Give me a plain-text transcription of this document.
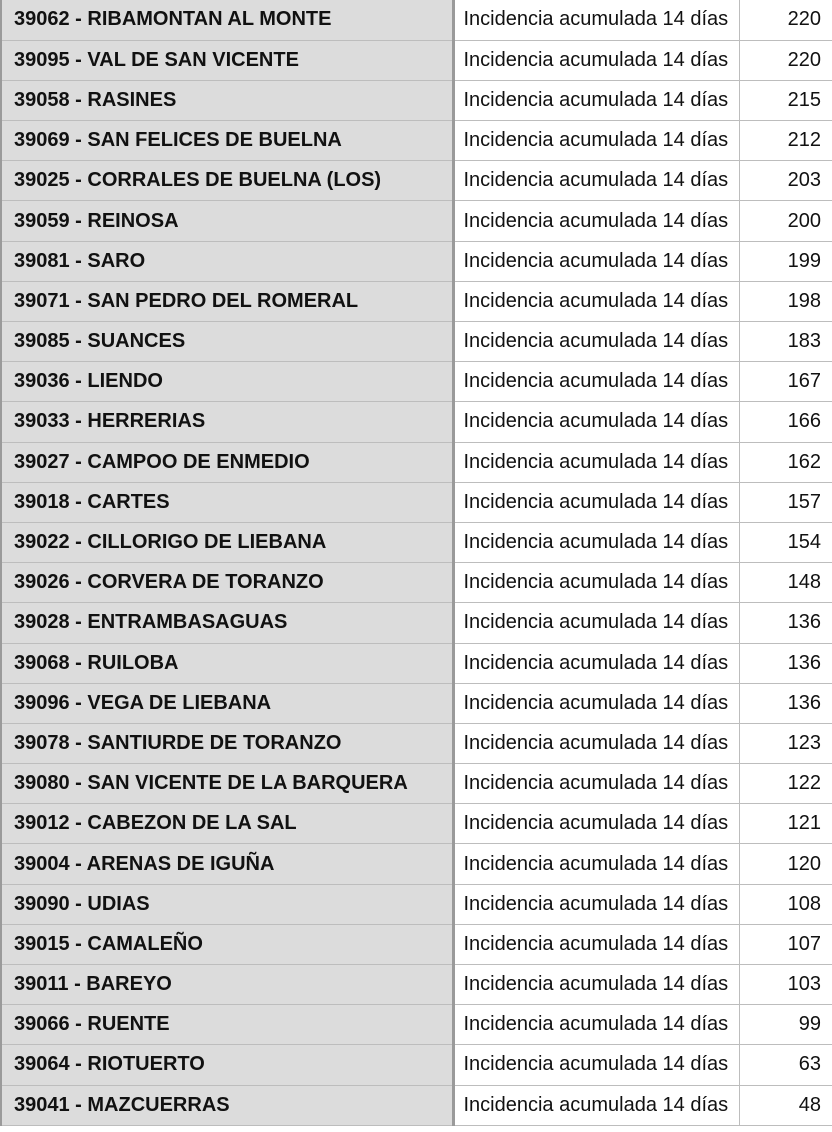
39062 - RIBAMONTAN AL MONTE	Incidencia acumulada 14 días	220
39095 - VAL DE SAN VICENTE	Incidencia acumulada 14 días	220
39058 - RASINES	Incidencia acumulada 14 días	215
39069 - SAN FELICES DE BUELNA	Incidencia acumulada 14 días	212
39025 - CORRALES DE BUELNA (LOS)	Incidencia acumulada 14 días	203
39059 - REINOSA	Incidencia acumulada 14 días	200
39081 - SARO	Incidencia acumulada 14 días	199
39071 - SAN PEDRO DEL ROMERAL	Incidencia acumulada 14 días	198
39085 - SUANCES	Incidencia acumulada 14 días	183
39036 - LIENDO	Incidencia acumulada 14 días	167
39033 - HERRERIAS	Incidencia acumulada 14 días	166
39027 - CAMPOO DE ENMEDIO	Incidencia acumulada 14 días	162
39018 - CARTES	Incidencia acumulada 14 días	157
39022 - CILLORIGO DE LIEBANA	Incidencia acumulada 14 días	154
39026 - CORVERA DE TORANZO	Incidencia acumulada 14 días	148
39028 - ENTRAMBASAGUAS	Incidencia acumulada 14 días	136
39068 - RUILOBA	Incidencia acumulada 14 días	136
39096 - VEGA DE LIEBANA	Incidencia acumulada 14 días	136
39078 - SANTIURDE DE TORANZO	Incidencia acumulada 14 días	123
39080 - SAN VICENTE DE LA BARQUERA	Incidencia acumulada 14 días	122
39012 - CABEZON DE LA SAL	Incidencia acumulada 14 días	121
39004 - ARENAS DE IGUÑA	Incidencia acumulada 14 días	120
39090 - UDIAS	Incidencia acumulada 14 días	108
39015 - CAMALEÑO	Incidencia acumulada 14 días	107
39011 - BAREYO	Incidencia acumulada 14 días	103
39066 - RUENTE	Incidencia acumulada 14 días	99
39064 - RIOTUERTO	Incidencia acumulada 14 días	63
39041 - MAZCUERRAS	Incidencia acumulada 14 días	48
